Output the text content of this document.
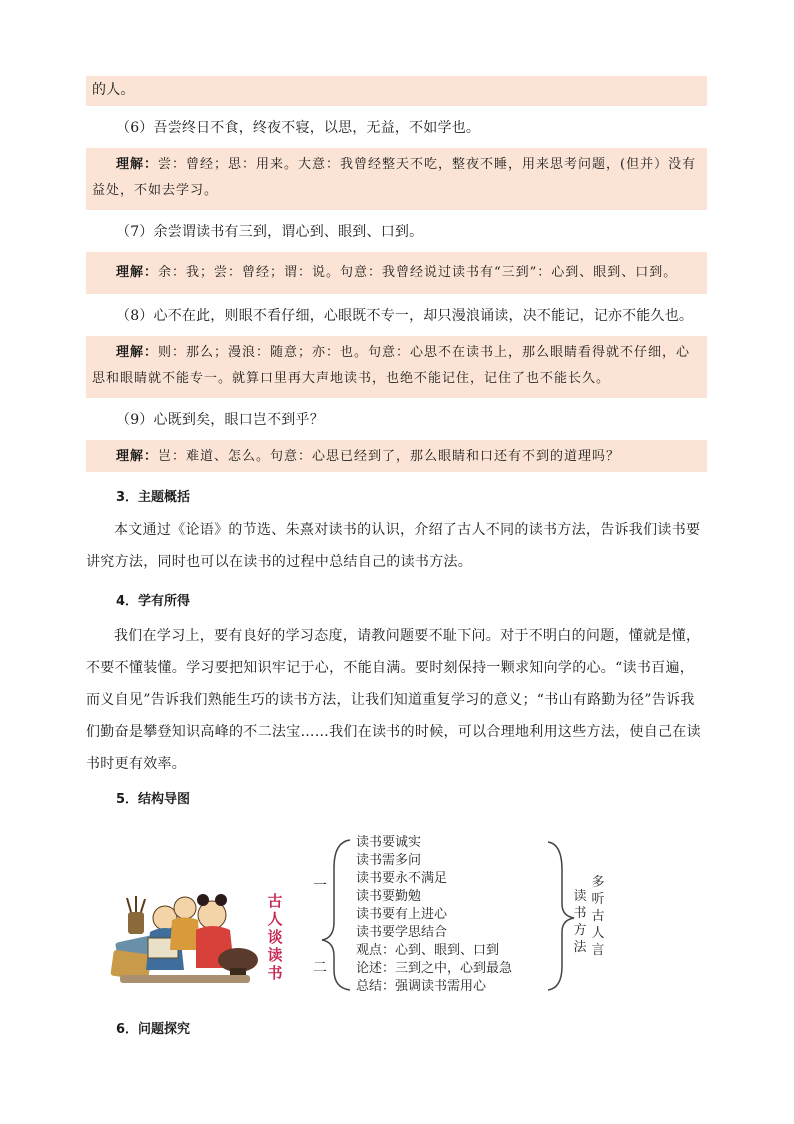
的人。
（6）吾尝终日不食，终夜不寝，以思，无益，不如学也。
理解：尝：曾经；思：用来。大意：我曾经整天不吃，整夜不睡，用来思考问题，(但并）没有益处，不如去学习。
（7）余尝谓读书有三到，谓心到、眼到、口到。
理解：余：我；尝：曾经；谓：说。句意：我曾经说过读书有“三到”：心到、眼到、口到。
（8）心不在此，则眼不看仔细，心眼既不专一，却只漫浪诵读，决不能记，记亦不能久也。
理解：则：那么；漫浪：随意；亦：也。句意：心思不在读书上，那么眼睛看得就不仔细，心思和眼睛就不能专一。就算口里再大声地读书，也绝不能记住，记住了也不能长久。
（9）心既到矣，眼口岂不到乎？
理解：岂：难道、怎么。句意：心思已经到了，那么眼睛和口还有不到的道理吗？
3．主题概括
本文通过《论语》的节选、朱熹对读书的认识，介绍了古人不同的读书方法，告诉我们读书要讲究方法，同时也可以在读书的过程中总结自己的读书方法。
4．学有所得
我们在学习上，要有良好的学习态度，请教问题要不耻下问。对于不明白的问题，懂就是懂，不要不懂装懂。学习要把知识牢记于心，不能自满。要时刻保持一颗求知向学的心。“读书百遍，而义自见”告诉我们熟能生巧的读书方法，让我们知道重复学习的意义；“书山有路勤为径”告诉我们勤奋是攀登知识高峰的不二法宝……我们在读书的时候，可以合理地利用这些方法，使自己在读书时更有效率。
5．结构导图
古
人
谈
读
书
一
二
读书要诚实
读书需多问
读书要永不满足
读书要勤勉
读书要有上进心
读书要学思结合
观点：心到、眼到、口到
论述：三到之中，心到最急
总结：强调读书需用心
读书方法
多听古人言
6．问题探究
